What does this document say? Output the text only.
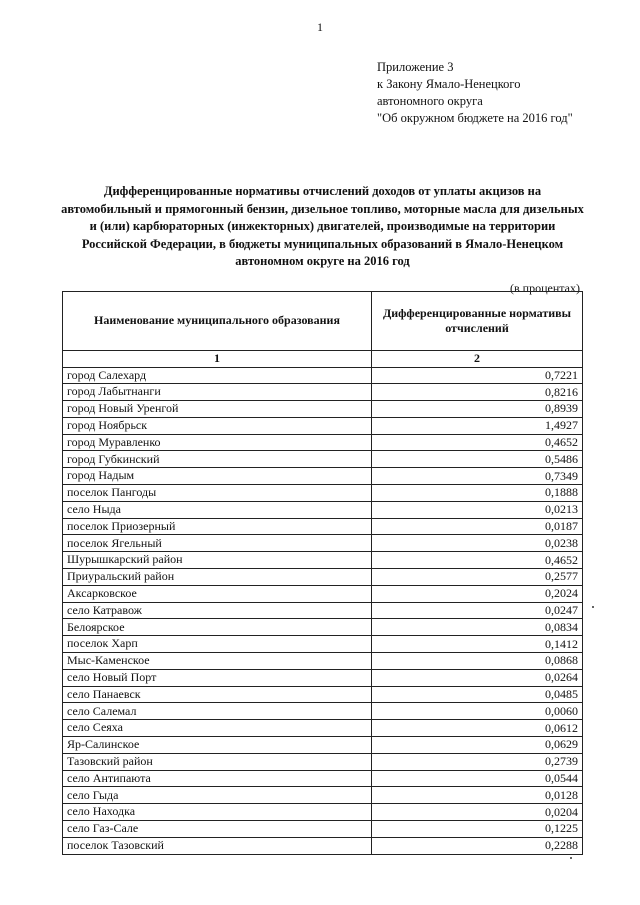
1
Приложение 3
к Закону Ямало-Ненецкого
автономного округа
"Об окружном бюджете на 2016 год"
Дифференцированные нормативы отчислений доходов от уплаты акцизов на автомобильный и прямогонный бензин, дизельное топливо, моторные масла для дизельных и (или) карбюраторных (инжекторных) двигателей, производимые на территории Российской Федерации, в бюджеты муниципальных образований в Ямало-Ненецком автономном округе на 2016 год
(в процентах)
Наименование муниципального образования	Дифференцированные нормативы отчислений
1	2
город Салехард	0,7221
город Лабытнанги	0,8216
город Новый Уренгой	0,8939
город Ноябрьск	1,4927
город Муравленко	0,4652
город Губкинский	0,5486
город Надым	0,7349
поселок Пангоды	0,1888
село Ныда	0,0213
поселок Приозерный	0,0187
поселок Ягельный	0,0238
Шурышкарский район	0,4652
Приуральский район	0,2577
Аксарковское	0,2024
село Катравож	0,0247
Белоярское	0,0834
поселок Харп	0,1412
Мыс-Каменское	0,0868
село Новый Порт	0,0264
село Панаевск	0,0485
село Салемал	0,0060
село Сеяха	0,0612
Яр-Салинское	0,0629
Тазовский район	0,2739
село Антипаюта	0,0544
село Гыда	0,0128
село Находка	0,0204
село Газ-Сале	0,1225
поселок Тазовский	0,2288
